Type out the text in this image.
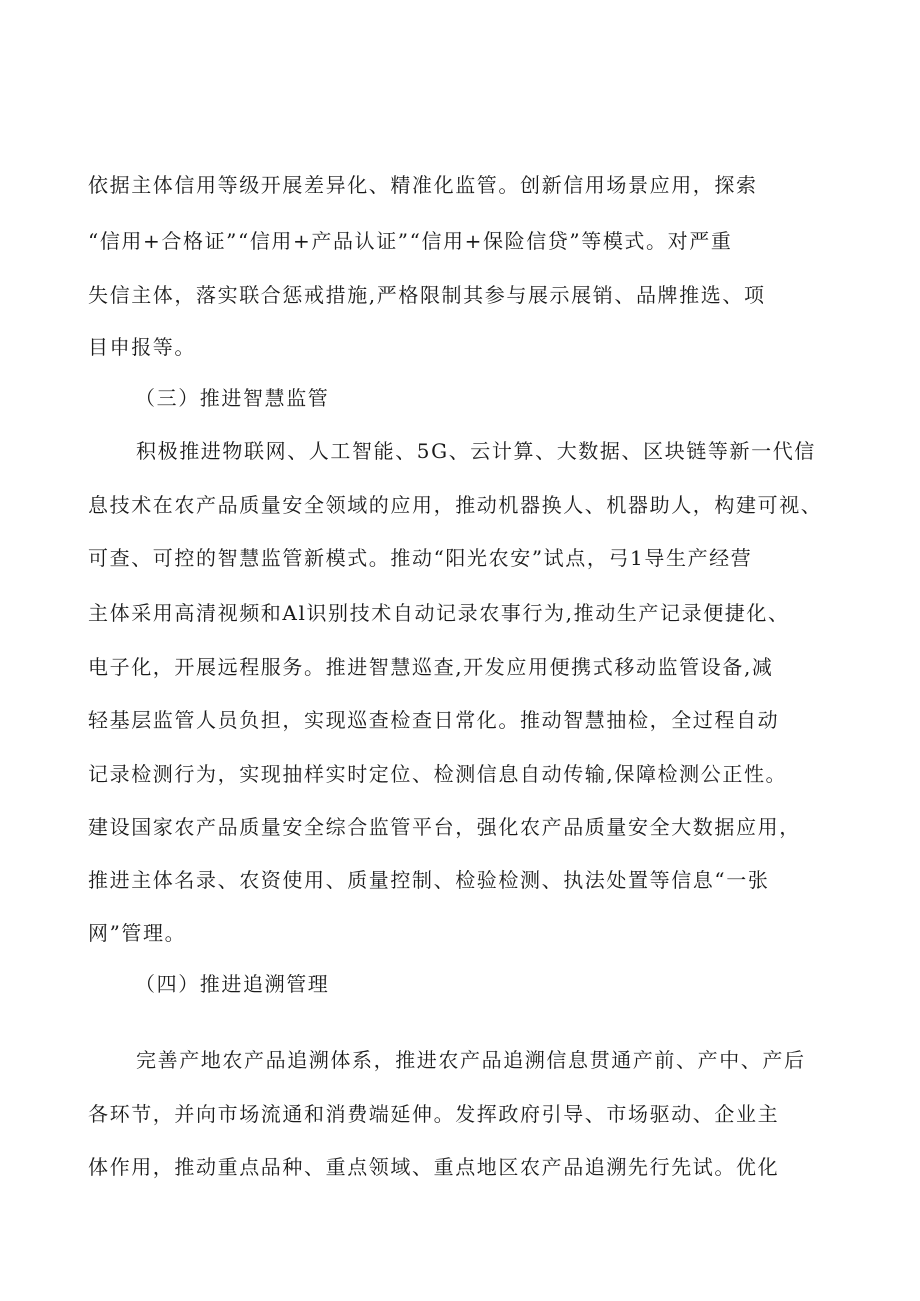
依据主体信用等级开展差异化、精准化监管。创新信用场景应用，探索
“信用+合格证”“信用+产品认证”“信用+保险信贷”等模式。对严重
失信主体，落实联合惩戒措施,严格限制其参与展示展销、品牌推选、项
目申报等。
（三）推进智慧监管
积极推进物联网、人工智能、5G、云计算、大数据、区块链等新一代信
息技术在农产品质量安全领域的应用，推动机器换人、机器助人，构建可视、
可查、可控的智慧监管新模式。推动“阳光农安”试点，弓1导生产经营
主体采用高清视频和Al识别技术自动记录农事行为,推动生产记录便捷化、
电子化，开展远程服务。推进智慧巡查,开发应用便携式移动监管设备,减
轻基层监管人员负担，实现巡查检查日常化。推动智慧抽检，全过程自动
记录检测行为，实现抽样实时定位、检测信息自动传输,保障检测公正性。
建设国家农产品质量安全综合监管平台，强化农产品质量安全大数据应用，
推进主体名录、农资使用、质量控制、检验检测、执法处置等信息“一张
网”管理。
（四）推进追溯管理
完善产地农产品追溯体系，推进农产品追溯信息贯通产前、产中、产后
各环节，并向市场流通和消费端延伸。发挥政府引导、市场驱动、企业主
体作用，推动重点品种、重点领域、重点地区农产品追溯先行先试。优化
